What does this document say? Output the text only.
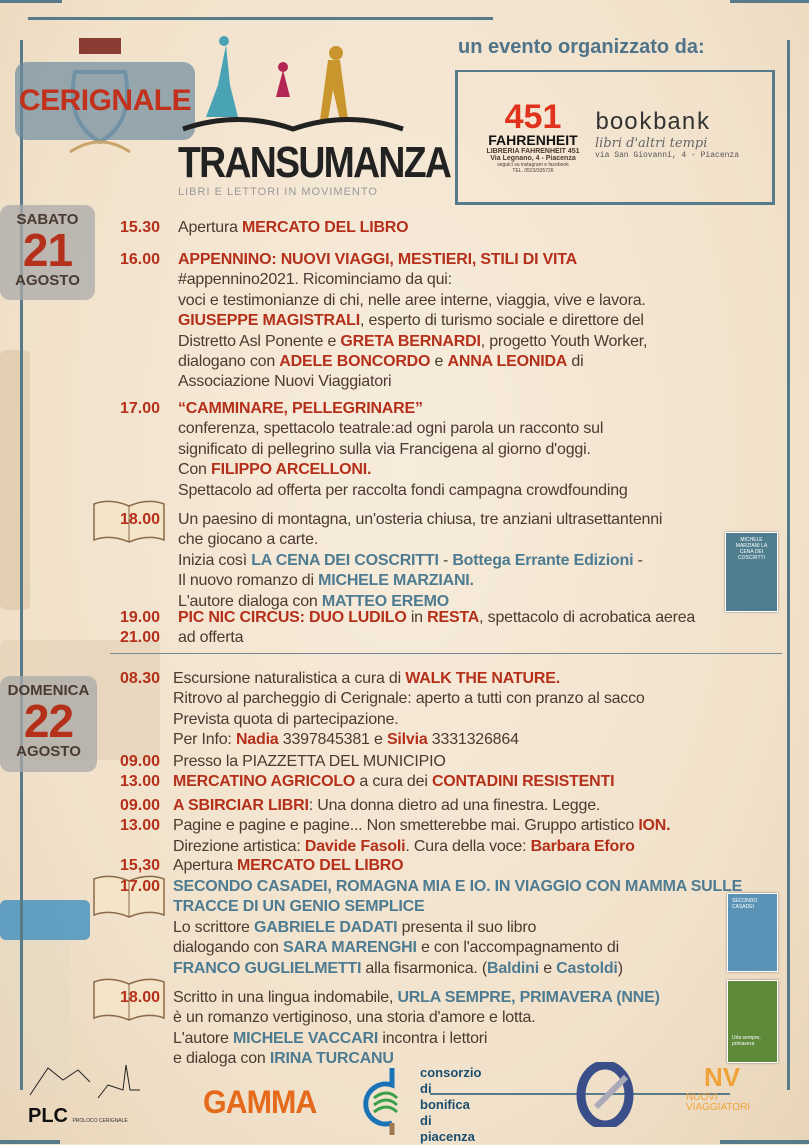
CERIGNALE
TRANSUMANZA
LIBRI E LETTORI IN MOVIMENTO
un evento organizzato da:
451
FAHRENHEIT
LIBRERIA FAHRENHEIT 451
Via Legnano, 4 - Piacenza
seguici su instagram e facebook
TEL. 0523/335726
bookbank
libri d'altri tempi
via San Giovanni, 4 - Piacenza
SABATO
21
AGOSTO
DOMENICA
22
AGOSTO
15.30 Apertura MERCATO DEL LIBRO
16.00 APPENNINO: NUOVI VIAGGI, MESTIERI, STILI DI VITA
#appennino2021. Ricominciamo da qui:
voci e testimonianze di chi, nelle aree interne, viaggia, vive e lavora.
GIUSEPPE MAGISTRALI, esperto di turismo sociale e direttore del
Distretto Asl Ponente e GRETA BERNARDI, progetto Youth Worker,
dialogano con ADELE BONCORDO e ANNA LEONIDA di
Associazione Nuovi Viaggiatori
17.00 “CAMMINARE, PELLEGRINARE”
conferenza, spettacolo teatrale:ad ogni parola un racconto sul
significato di pellegrino sulla via Francigena al giorno d'oggi.
Con FILIPPO ARCELLONI.
Spettacolo ad offerta per raccolta fondi campagna crowdfounding
18.00 Un paesino di montagna, un'osteria chiusa, tre anziani ultrasettantenni
che giocano a carte.
Inizia così LA CENA DEI COSCRITTI - Bottega Errante Edizioni -
Il nuovo romanzo di MICHELE MARZIANI.
L'autore dialoga con MATTEO EREMO
19.00
21.00
PIC NIC CIRCUS: DUO LUDILO in RESTA, spettacolo di acrobatica aerea
ad offerta
08.30 Escursione naturalistica a cura di WALK THE NATURE.
Ritrovo al parcheggio di Cerignale: aperto a tutti con pranzo al sacco
Prevista quota di partecipazione.
Per Info: Nadia 3397845381 e Silvia 3331326864
09.00
13.00
Presso la PIAZZETTA DEL MUNICIPIO
MERCATINO AGRICOLO a cura dei CONTADINI RESISTENTI
09.00
13.00
A SBIRCIAR LIBRI: Una donna dietro ad una finestra. Legge.
Pagine e pagine e pagine... Non smetterebbe mai. Gruppo artistico ION.
Direzione artistica: Davide Fasoli. Cura della voce: Barbara Eforo
15,30 Apertura MERCATO DEL LIBRO
17.00 SECONDO CASADEI, ROMAGNA MIA E IO. IN VIAGGIO CON MAMMA SULLE
TRACCE DI UN GENIO SEMPLICE
Lo scrittore GABRIELE DADATI presenta il suo libro
dialogando con SARA MARENGHI e con l'accompagnamento di
FRANCO GUGLIELMETTI alla fisarmonica. (Baldini e Castoldi)
18.00 Scritto in una lingua indomabile, URLA SEMPRE, PRIMAVERA (NNE)
è un romanzo vertiginoso, una storia d'amore e lotta.
L'autore MICHELE VACCARI incontra i lettori
e dialoga con IRINA TURCANU
MICHELE MARZIANI LA CENA DEI COSCRITTI
SECONDO CASADEI
Urla sempre, primavera
PLC PROLOCO CERIGNALE
GAMMA
consorzio
di bonifica
di piacenza
NV
NUOVI VIAGGIATORI
